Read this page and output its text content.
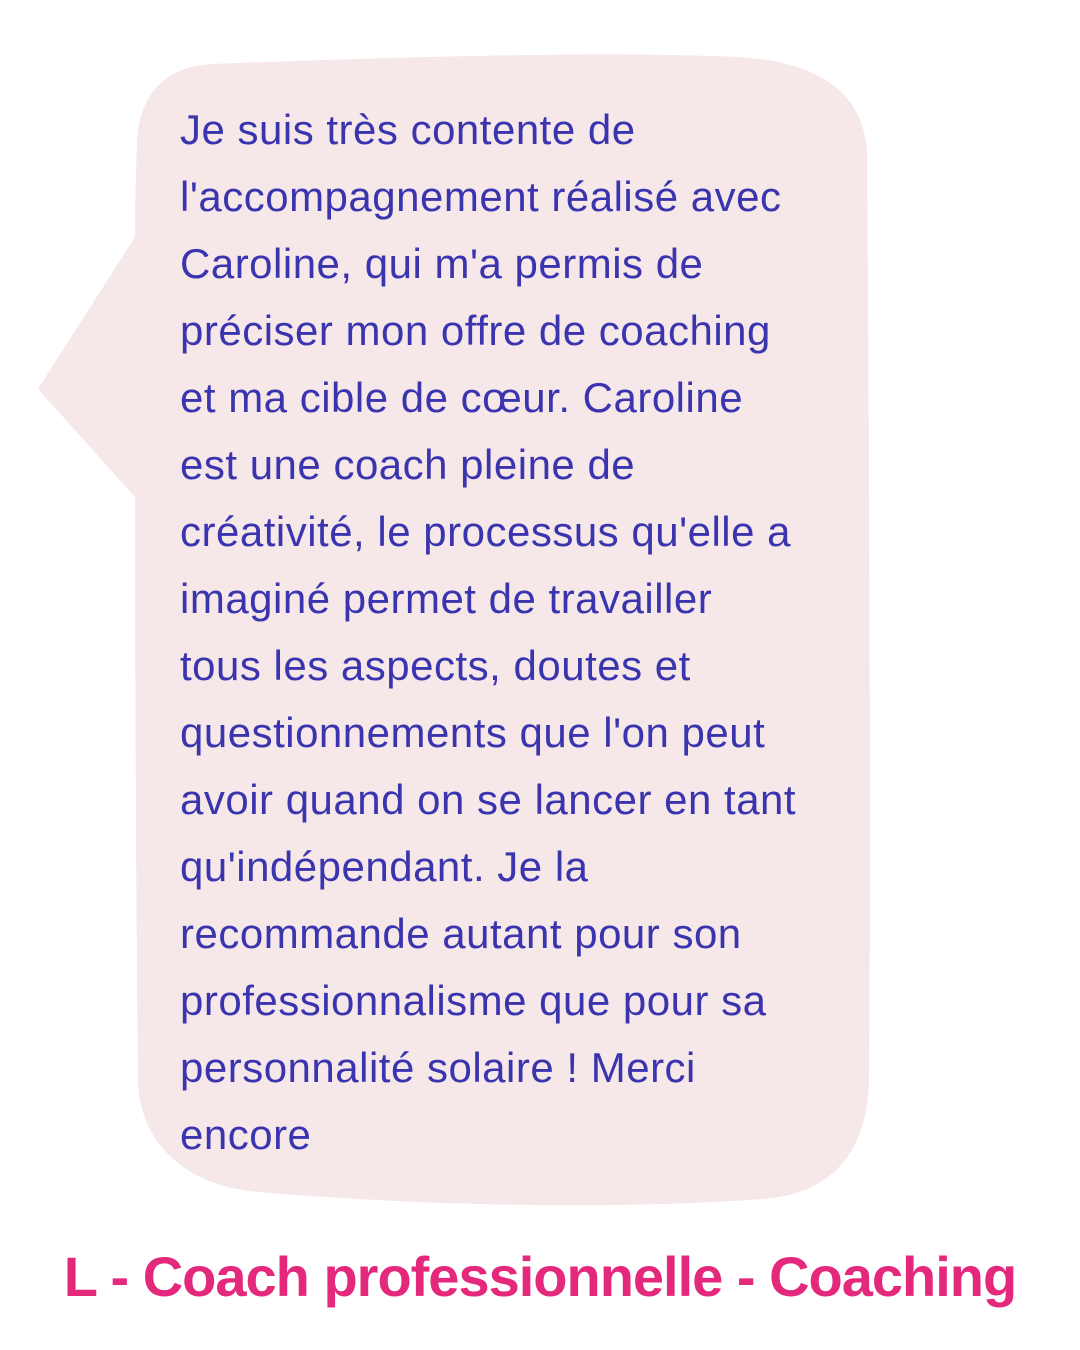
Je suis très contente de
l'accompagnement réalisé avec
Caroline, qui m'a permis de
préciser mon offre de coaching
et ma cible de cœur. Caroline
est une coach pleine de
créativité, le processus qu'elle a
imaginé permet de travailler
tous les aspects, doutes et
questionnements que l'on peut
avoir quand on se lancer en tant
qu'indépendant. Je la
recommande autant pour son
professionnalisme que pour sa
personnalité solaire ! Merci
encore
L - Coach professionnelle - Coaching
